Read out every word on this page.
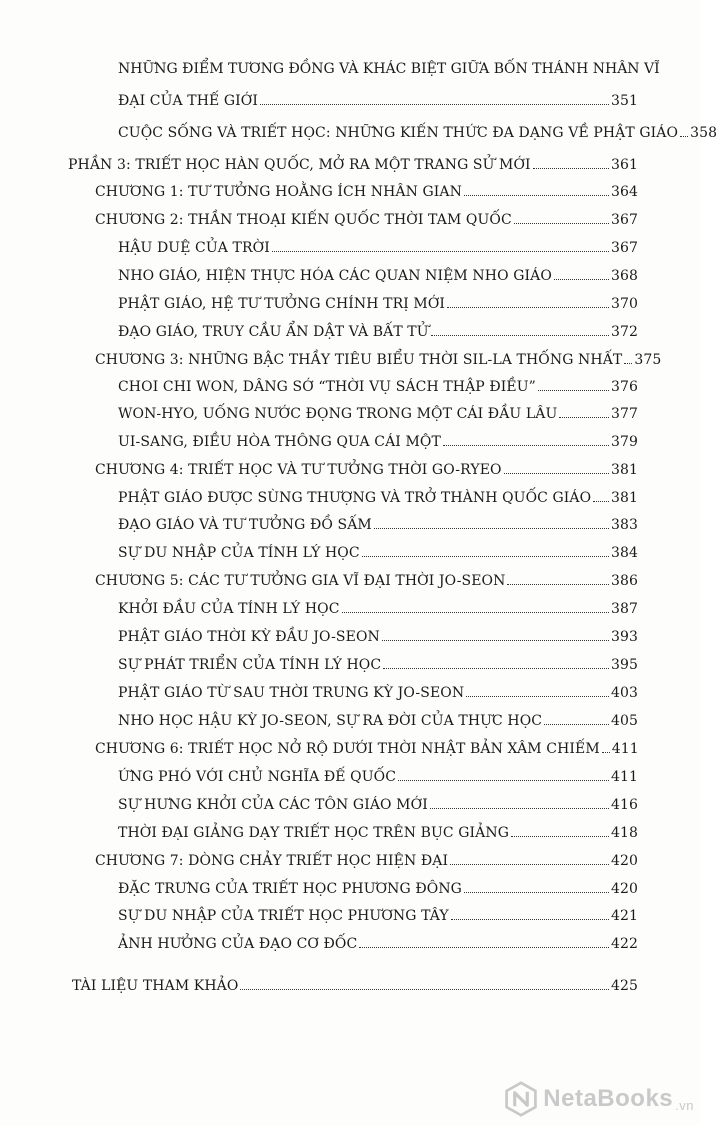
NHỮNG ĐIỂM TƯƠNG ĐỒNG VÀ KHÁC BIỆT GIỮA BỐN THÁNH NHÂN VĨ
ĐẠI CỦA THẾ GIỚI	351
CUỘC SỐNG VÀ TRIẾT HỌC: NHỮNG KIẾN THỨC ĐA DẠNG VỀ PHẬT GIÁO 358
PHẦN 3: TRIẾT HỌC HÀN QUỐC, MỞ RA MỘT TRANG SỬ MỚI	361
CHƯƠNG 1: TƯ TƯỞNG HOẰNG ÍCH NHÂN GIAN	364
CHƯƠNG 2: THẦN THOẠI KIẾN QUỐC THỜI TAM QUỐC	367
HẬU DUỆ CỦA TRỜI	367
NHO GIÁO, HIỆN THỰC HÓA CÁC QUAN NIỆM NHO GIÁO	368
PHẬT GIÁO, HỆ TƯ TƯỞNG CHÍNH TRỊ MỚI	370
ĐẠO GIÁO, TRUY CẦU ẨN DẬT VÀ BẤT TỬ	372
CHƯƠNG 3: NHỮNG BẬC THẦY TIÊU BIỂU THỜI SIL-LA THỐNG NHẤT 375
CHOI CHI WON, DÂNG SỚ “THỜI VỤ SÁCH THẬP ĐIỀU”	376
WON-HYO, UỐNG NƯỚC ĐỌNG TRONG MỘT CÁI ĐẦU LÂU	377
UI-SANG, ĐIỀU HÒA THÔNG QUA CÁI MỘT	379
CHƯƠNG 4: TRIẾT HỌC VÀ TƯ TƯỞNG THỜI GO-RYEO	381
PHẬT GIÁO ĐƯỢC SÙNG THƯỢNG VÀ TRỞ THÀNH QUỐC GIÁO 381
ĐẠO GIÁO VÀ TƯ TƯỞNG ĐỒ SẤM	383
SỰ DU NHẬP CỦA TÍNH LÝ HỌC	384
CHƯƠNG 5: CÁC TƯ TƯỞNG GIA VĨ ĐẠI THỜI JO-SEON	386
KHỞI ĐẦU CỦA TÍNH LÝ HỌC	387
PHẬT GIÁO THỜI KỲ ĐẦU JO-SEON	393
SỰ PHÁT TRIỂN CỦA TÍNH LÝ HỌC	395
PHẬT GIÁO TỪ SAU THỜI TRUNG KỲ JO-SEON	403
NHO HỌC HẬU KỲ JO-SEON, SỰ RA ĐỜI CỦA THỰC HỌC	405
CHƯƠNG 6: TRIẾT HỌC NỞ RỘ DƯỚI THỜI NHẬT BẢN XÂM CHIẾM 411
ỨNG PHÓ VỚI CHỦ NGHĨA ĐẾ QUỐC	411
SỰ HƯNG KHỞI CỦA CÁC TÔN GIÁO MỚI	416
THỜI ĐẠI GIẢNG DẠY TRIẾT HỌC TRÊN BỤC GIẢNG	418
CHƯƠNG 7: DÒNG CHẢY TRIẾT HỌC HIỆN ĐẠI	420
ĐẶC TRƯNG CỦA TRIẾT HỌC PHƯƠNG ĐÔNG	420
SỰ DU NHẬP CỦA TRIẾT HỌC PHƯƠNG TÂY	421
ẢNH HƯỞNG CỦA ĐẠO CƠ ĐỐC	422
TÀI LIỆU THAM KHẢO	425
NetaBooks .vn
